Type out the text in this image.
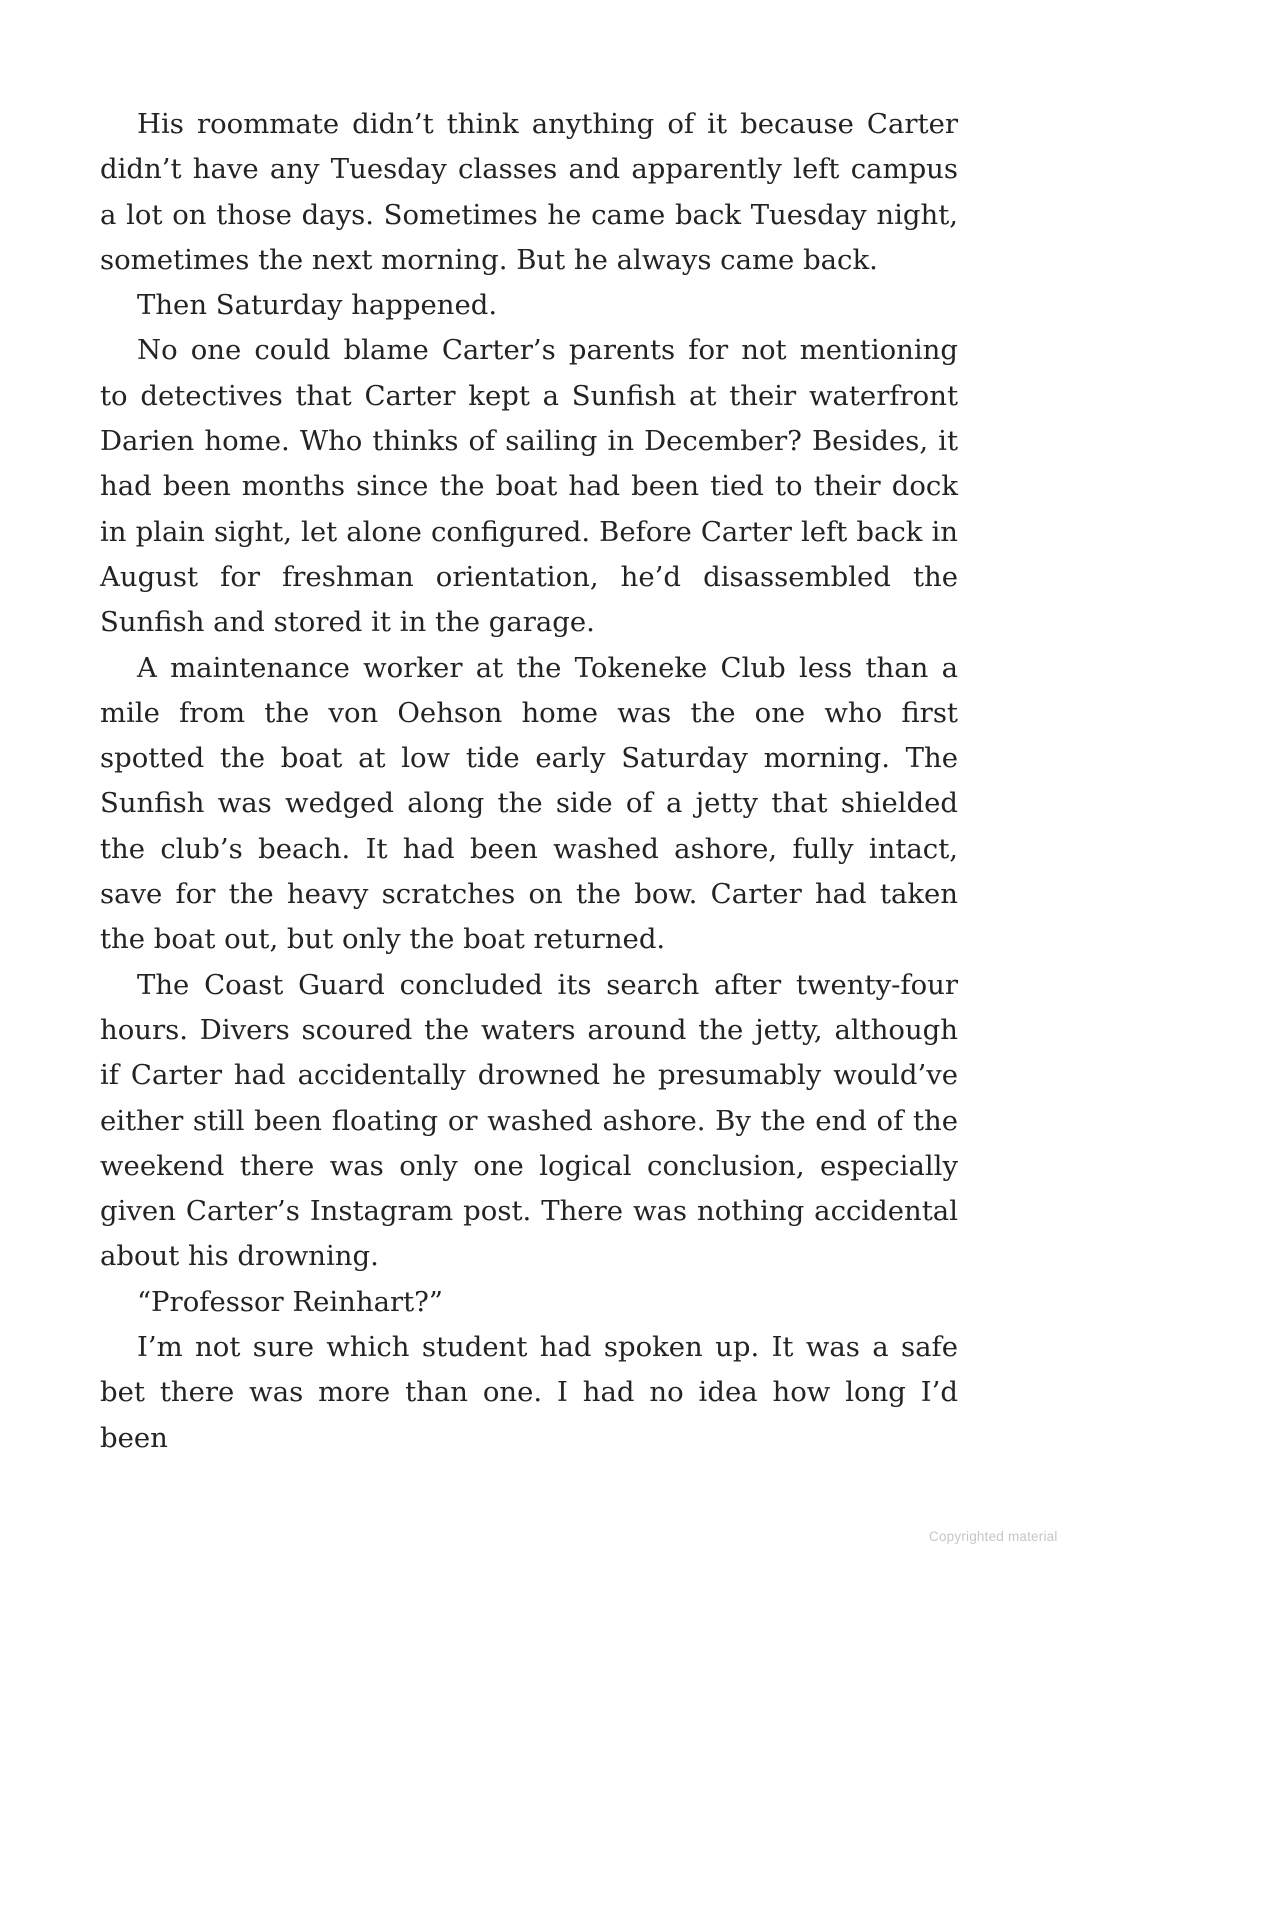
His roommate didn’t think anything of it because Carter didn’t have any Tuesday classes and apparently left campus a lot on those days. Sometimes he came back Tuesday night, sometimes the next morning. But he always came back.

Then Saturday happened.

No one could blame Carter’s parents for not mentioning to detectives that Carter kept a Sunfish at their waterfront Darien home. Who thinks of sailing in December? Besides, it had been months since the boat had been tied to their dock in plain sight, let alone configured. Before Carter left back in August for freshman orientation, he’d disassembled the Sunfish and stored it in the garage.

A maintenance worker at the Tokeneke Club less than a mile from the von Oehson home was the one who first spotted the boat at low tide early Saturday morning. The Sunfish was wedged along the side of a jetty that shielded the club’s beach. It had been washed ashore, fully intact, save for the heavy scratches on the bow. Carter had taken the boat out, but only the boat returned.

The Coast Guard concluded its search after twenty-four hours. Divers scoured the waters around the jetty, although if Carter had accidentally drowned he presumably would’ve either still been floating or washed ashore. By the end of the weekend there was only one logical conclusion, especially given Carter’s Instagram post. There was nothing accidental about his drowning.

“Professor Reinhart?”

I’m not sure which student had spoken up. It was a safe bet there was more than one. I had no idea how long I’d been

Copyrighted material
